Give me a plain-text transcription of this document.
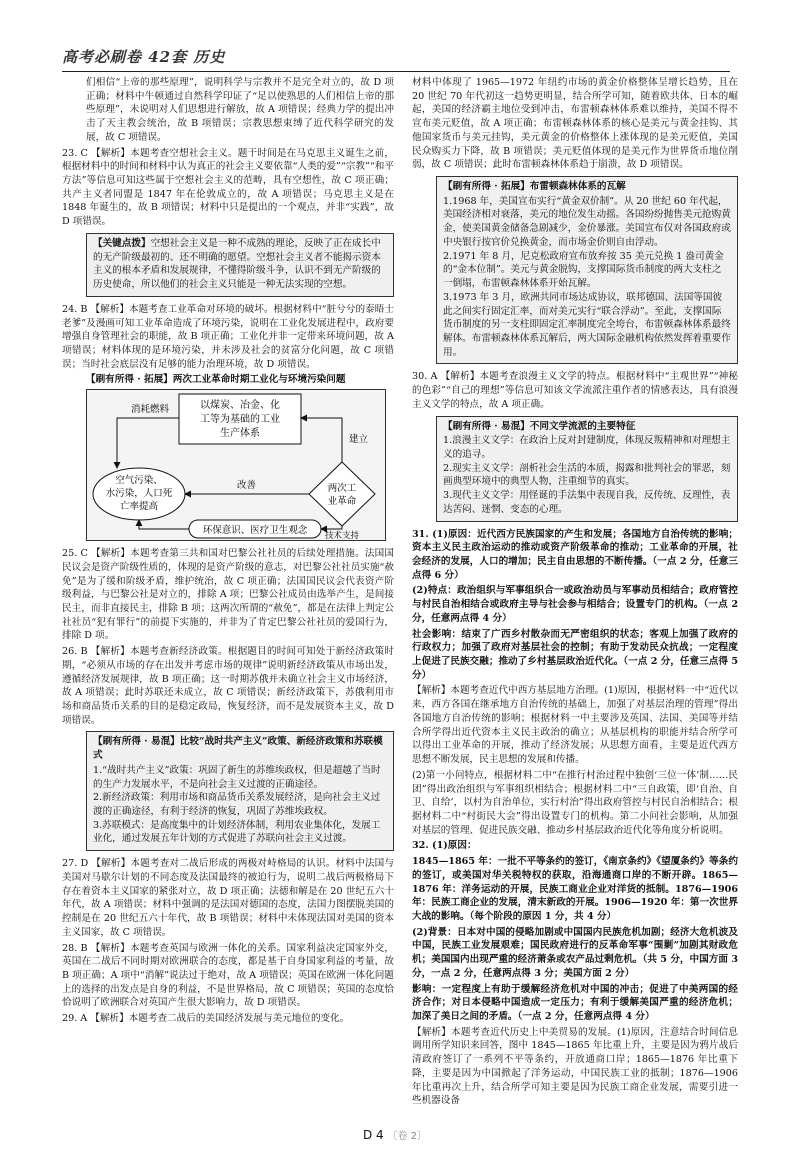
高考必刷卷 42套 历史

们相信“上帝的那些原理”，说明科学与宗教并不是完全对立的，故 D 项正确；材料中牛顿通过自然科学印证了“足以使熟思的人们相信上帝的那些原理”，未说明对人们思想进行解放，故 A 项错误；经典力学的提出冲击了天主教会统治，故 B 项错误；宗教思想束缚了近代科学研究的发展，故 C 项错误。

23. C 【解析】本题考查空想社会主义。题干时间是在马克思主义诞生之前，根据材料中的时间和材料中认为真正的社会主义要依靠“人类的爱”“宗教”“和平方法”等信息可知这些属于空想社会主义的范畴，具有空想性，故 C 项正确；共产主义者同盟是 1847 年在伦敦成立的，故 A 项错误；马克思主义是在 1848 年诞生的，故 B 项错误；材料中只是提出的一个观点，并非“实践”，故 D 项错误。

【关键点拨】空想社会主义是一种不成熟的理论，反映了正在成长中的无产阶级最初的、还不明确的愿望。空想社会主义者不能揭示资本主义的根本矛盾和发展规律，不懂得阶级斗争，认识不到无产阶级的历史使命，所以他们的社会主义只能是一种无法实现的空想。

24. B 【解析】本题考查工业革命对环境的破坏。根据材料中“脏兮兮的泰晤士老爹”及漫画可知工业革命造成了环境污染，说明在工业化发展进程中，政府要增强自身管理社会的职能，故 B 项正确；工业化并非一定带来环境问题，故 A 项错误；材料体现的是环境污染，并未涉及社会的贫富分化问题，故 C 项错误；当时社会底层没有足够的能力治理环境，故 D 项错误。

【刷有所得 · 拓展】两次工业革命时期工业化与环境污染问题

以煤炭、冶金、化
工等为基础的工业
生产体系
空气污染、
水污染，人口死
亡率提高
两次工
业革命
环保意识、医疗卫生观念
消耗燃料
建立
改善
技术支持

25. C 【解析】本题考查第三共和国对巴黎公社社员的后续处理措施。法国国民议会是资产阶级性质的，体现的是资产阶级的意志，对巴黎公社社员实施“赦免”是为了缓和阶级矛盾，维护统治，故 C 项正确；法国国民议会代表资产阶级利益，与巴黎公社是对立的，排除 A 项；巴黎公社成员由选举产生，是间接民主，而非直接民主，排除 B 项；这两次所谓的“赦免”，都是在法律上判定公社社员“犯有罪行”的前提下实施的，并非为了肯定巴黎公社社员的爱国行为，排除 D 项。

26. B 【解析】本题考查新经济政策。根据题目的时间可知处于新经济政策时期，“必须从市场的存在出发并考虑市场的规律”说明新经济政策从市场出发，遵循经济发展规律，故 B 项正确；这一时期苏俄并未确立社会主义市场经济，故 A 项错误；此时苏联还未成立，故 C 项错误；新经济政策下，苏俄利用市场和商品货币关系的目的是稳定政局，恢复经济，而不是发展资本主义，故 D 项错误。

【刷有所得 · 易混】比较“战时共产主义”政策、新经济政策和苏联模式
1.“战时共产主义”政策：巩固了新生的苏维埃政权，但是超越了当时的生产力发展水平，不是向社会主义过渡的正确途径。
2.新经济政策：利用市场和商品货币关系发展经济，是向社会主义过渡的正确途径，有利于经济的恢复，巩固了苏维埃政权。
3.苏联模式：是高度集中的计划经济体制，利用农业集体化，发展工业化，通过发展五年计划的方式促进了苏联向社会主义过渡。

27. D 【解析】本题考查对二战后形成的两极对峙格局的认识。材料中法国与美国对马歇尔计划的不同态度及法国最终的被迫行为，说明二战后两极格局下存在着资本主义国家的紧张对立，故 D 项正确；法德和解是在 20 世纪五六十年代，故 A 项错误；材料中强调的是法国对德国的态度，法国力图摆脱美国的控制是在 20 世纪五六十年代，故 B 项错误；材料中未体现法国对美国的资本主义国家，故 C 项错误。

28. B 【解析】本题考查英国与欧洲一体化的关系。国家利益决定国家外交，英国在二战后不同时期对欧洲联合的态度，都是基于自身国家利益的考量，故 B 项正确；A 项中“消解”说法过于绝对，故 A 项错误；英国在欧洲一体化问题上的选择的出发点是自身的利益，不是世界格局，故 C 项错误；英国的态度恰恰说明了欧洲联合对英国产生很大影响力，故 D 项错误。

29. A 【解析】本题考查二战后的美国经济发展与美元地位的变化。

材料中体现了 1965—1972 年纽约市场的黄金价格整体呈增长趋势，且在 20 世纪 70 年代初这一趋势更明显，结合所学可知，随着欧共体、日本的崛起，美国的经济霸主地位受到冲击，布雷顿森林体系难以维持，美国不得不宣布美元贬值，故 A 项正确；布雷顿森林体系的核心是美元与黄金挂钩、其他国家货币与美元挂钩，美元黄金的价格整体上涨体现的是美元贬值，美国民众购买力下降，故 B 项错误；美元贬值体现的是美元作为世界货币地位削弱，故 C 项错误；此时布雷顿森林体系趋于崩溃，故 D 项错误。

【刷有所得 · 拓展】布雷顿森林体系的瓦解
1.1968 年，美国宣布实行“黄金双价制”。从 20 世纪 60 年代起，美国经济相对衰落，美元的地位发生动摇。各国纷纷抛售美元抢购黄金，使美国黄金储备急剧减少，金价暴涨。美国宣布仅对各国政府或中央银行按官价兑换黄金，而市场金价则自由浮动。
2.1971 年 8 月，尼克松政府宣布放弃按 35 美元兑换 1 盎司黄金的“金本位制”。美元与黄金脱钩，支撑国际货币制度的两大支柱之一倒塌，布雷顿森林体系开始瓦解。
3.1973 年 3 月，欧洲共同市场达成协议，联邦德国、法国等国彼此之间实行固定汇率，而对美元实行“联合浮动”。至此，支撑国际货币制度的另一支柱即固定汇率制度完全垮台，布雷顿森林体系最终解体。布雷顿森林体系瓦解后，两大国际金融机构依然发挥着重要作用。

30. A 【解析】本题考查浪漫主义文学的特点。根据材料中“主观世界”“神秘的色彩”“自己的理想”等信息可知该文学流派注重作者的情感表达，具有浪漫主义文学的特点，故 A 项正确。

【刷有所得 · 易混】不同文学流派的主要特征
1.浪漫主义文学：在政治上反对封建制度，体现反叛精神和对理想主义的追寻。
2.现实主义文学：剖析社会生活的本质，揭露和批判社会的罪恶，刻画典型环境中的典型人物，注重细节的真实。
3.现代主义文学：用怪诞的手法集中表现自我，反传统、反理性，表达苦闷、迷惘、变态的心理。

31. (1)原因：近代西方民族国家的产生和发展；各国地方自治传统的影响；资本主义民主政治运动的推动或资产阶级革命的推动；工业革命的开展，社会经济的发展，人口的增加；民主自由思想的不断传播。（一点 2 分，任意三点得 6 分）

(2)特点：政治组织与军事组织合一或政治动员与军事动员相结合；政府管控与村民自治相结合或政府主导与社会参与相结合；设置专门的机构。（一点 2 分，任意两点得 4 分）

社会影响：结束了广西乡村散杂而无严密组织的状态；客观上加强了政府的行政权力；加强了政府对基层社会的控制；有助于发动民众抗战；一定程度上促进了民族交融；推动了乡村基层政治近代化。（一点 2 分，任意三点得 5 分）

【解析】本题考查近代中西方基层地方治理。(1)原因，根据材料一中“近代以来，西方各国在继承地方自治传统的基础上，加强了对基层治理的管理”得出各国地方自治传统的影响；根据材料一中主要涉及英国、法国、美国等并结合所学得出近代资本主义民主政治的确立；从基层机构的职能并结合所学可以得出工业革命的开展，推动了经济发展；从思想方面看，主要是近代西方思想不断发展，民主思想的发展和传播。

(2)第一小问特点，根据材料二中“在推行村治过程中独创‘三位一体’制……民团”得出政治组织与军事组织相结合；根据材料二中“三自政策，即‘自治、自卫、自给’，以村为自治单位，实行村治”得出政府管控与村民自治相结合；根据材料二中“村街民大会”得出设置专门的机构。第二小问社会影响，从加强对基层的管理、促进民族交融、推动乡村基层政治近代化等角度分析说明。

32. (1)原因：

1845—1865 年：一批不平等条约的签订，《南京条约》《望厦条约》等条约的签订，或美国对华关税特权的获取，沿海通商口岸的不断开辟。1865—1876 年：洋务运动的开展，民族工商业企业对洋货的抵制。1876—1906 年：民族工商企业的发展，清末新政的开展。1906—1920 年：第一次世界大战的影响。（每个阶段的原因 1 分，共 4 分）

(2)背景：日本对中国的侵略加剧或中国国内民族危机加剧；经济大危机波及中国，民族工业发展艰难；国民政府进行的反革命军事“围剿”加剧其财政危机；美国国内出现严重的经济萧条或农产品过剩危机。（共 5 分，中国方面 3 分，一点 2 分，任意两点得 3 分；美国方面 2 分）

影响：一定程度上有助于缓解经济危机对中国的冲击；促进了中美两国的经济合作；对日本侵略中国造成一定压力；有利于缓解美国严重的经济危机；加深了美日之间的矛盾。（一点 2 分，任意两点得 4 分）

【解析】本题考查近代历史上中美贸易的发展。(1)原因，注意结合时间信息调用所学知识来回答，图中 1845—1865 年比重上升，主要是因为鸦片战后清政府签订了一系列不平等条约，开放通商口岸；1865—1876 年比重下降，主要是因为中国掀起了洋务运动，中国民族工业的抵制；1876—1906 年比重再次上升，结合所学可知主要是因为民族工商企业发展，需要引进一些机器设备

D 4 〔卷 2〕
